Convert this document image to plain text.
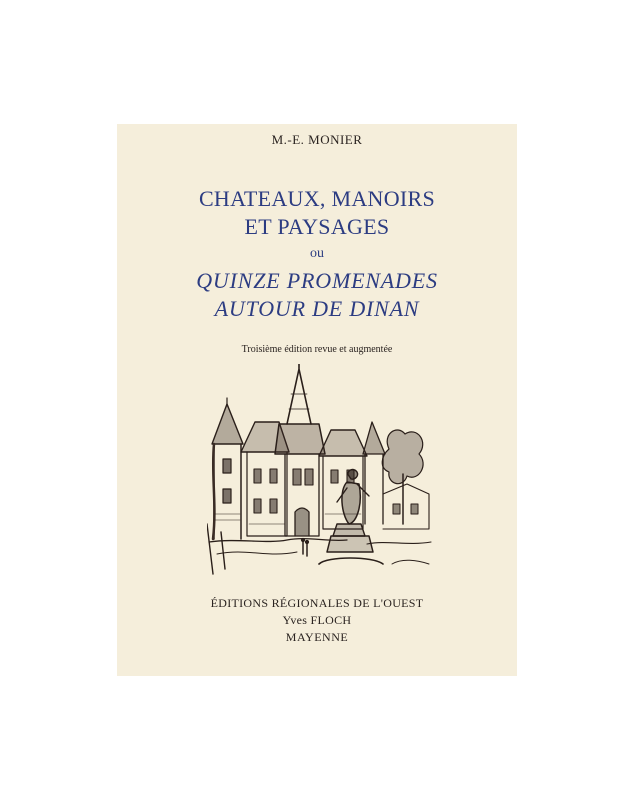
M.-E. MONIER
CHATEAUX, MANOIRS
ET PAYSAGES
ou
QUINZE PROMENADES
AUTOUR DE DINAN
Troisième édition revue et augmentée
ÉDITIONS RÉGIONALES DE L'OUEST
Yves FLOCH
MAYENNE
